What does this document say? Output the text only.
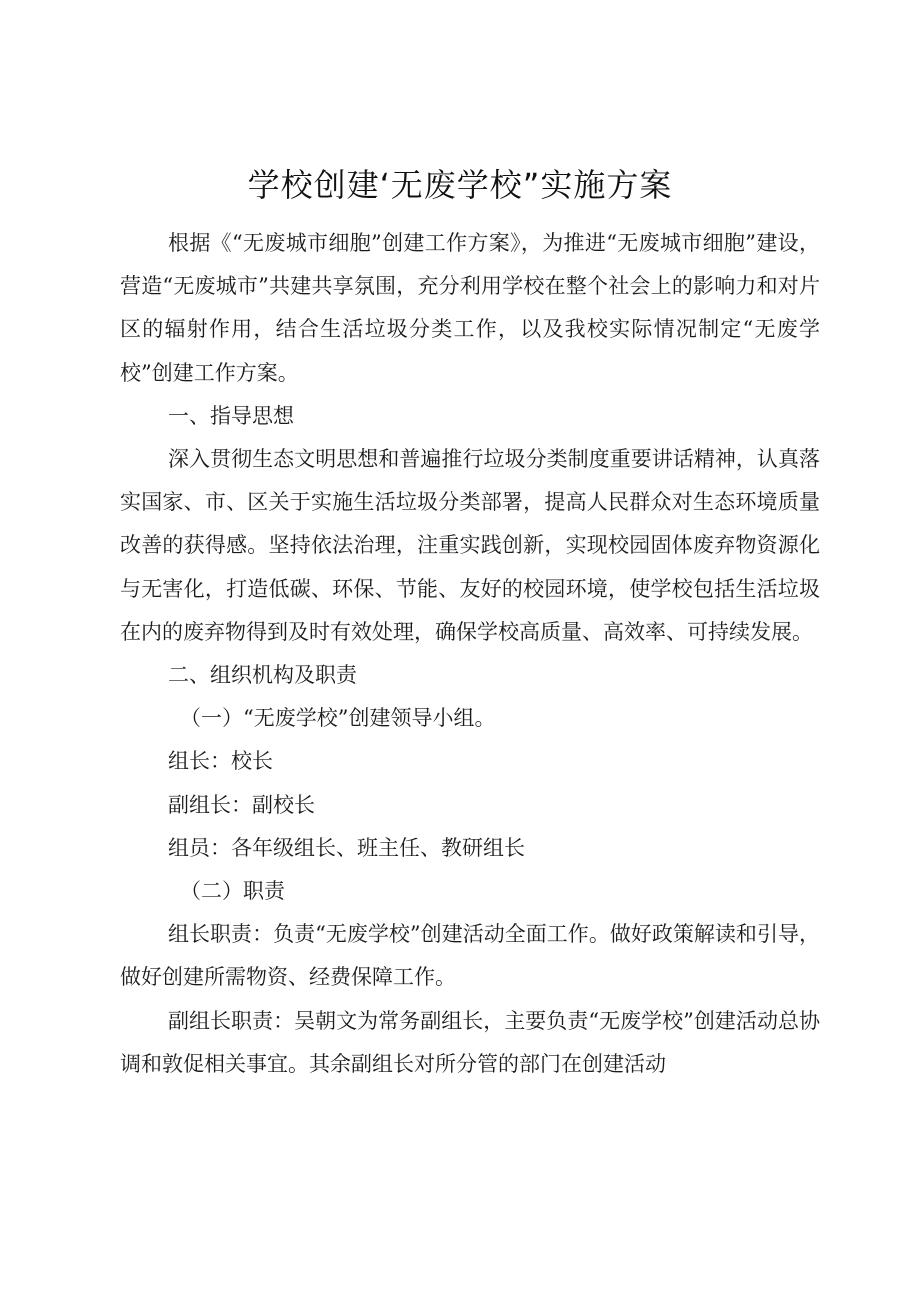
学校创建‘无废学校”实施方案

根据《“无废城市细胞”创建工作方案》，为推进“无废城市细胞”建设，营造“无废城市”共建共享氛围，充分利用学校在整个社会上的影响力和对片区的辐射作用，结合生活垃圾分类工作，以及我校实际情况制定“无废学校”创建工作方案。

一、指导思想

深入贯彻生态文明思想和普遍推行垃圾分类制度重要讲话精神，认真落实国家、市、区关于实施生活垃圾分类部署，提高人民群众对生态环境质量改善的获得感。坚持依法治理，注重实践创新，实现校园固体废弃物资源化与无害化，打造低碳、环保、节能、友好的校园环境，使学校包括生活垃圾在内的废弃物得到及时有效处理，确保学校高质量、高效率、可持续发展。

二、组织机构及职责

（一）“无废学校”创建领导小组。

组长：校长

副组长：副校长

组员：各年级组长、班主任、教研组长

（二）职责

组长职责：负责“无废学校”创建活动全面工作。做好政策解读和引导，做好创建所需物资、经费保障工作。

副组长职责：吴朝文为常务副组长，主要负责“无废学校”创建活动总协调和敦促相关事宜。其余副组长对所分管的部门在创建活动
